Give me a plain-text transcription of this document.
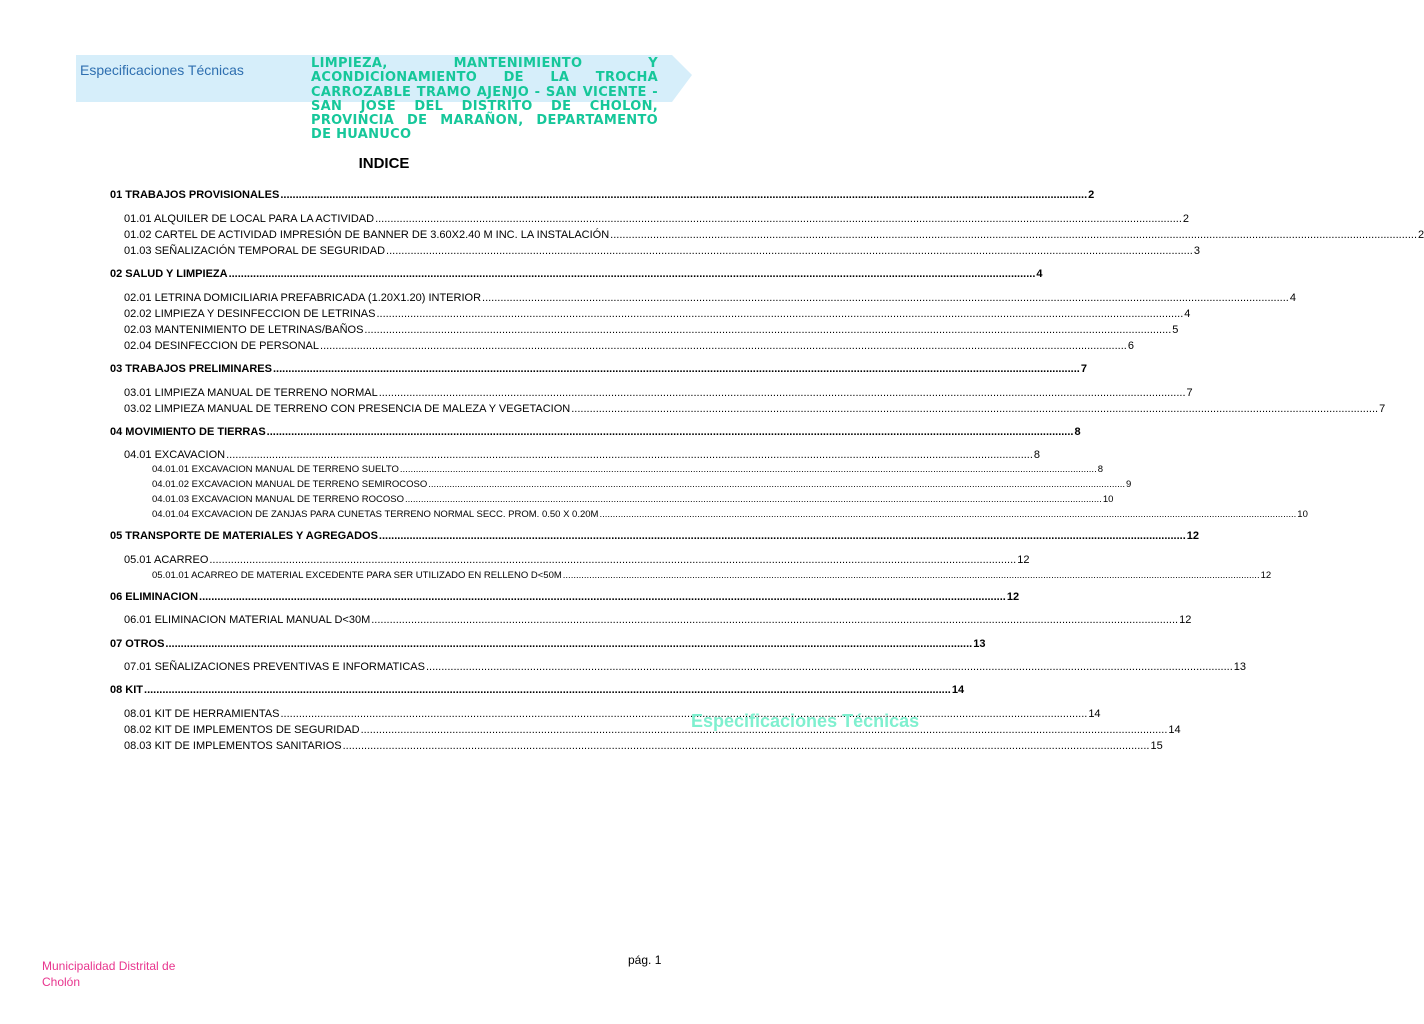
Especificaciones Técnicas	LIMPIEZA, MANTENIMIENTO Y ACONDICIONAMIENTO DE LA TROCHA CARROZABLE TRAMO AJENJO - SAN VICENTE - SAN JOSE DEL DISTRITO DE CHOLON, PROVINCIA DE MARAÑON, DEPARTAMENTO DE HUANUCO
INDICE
01 TRABAJOS PROVISIONALES .....	2
01.01 ALQUILER DE LOCAL PARA LA ACTIVIDAD .....	2
01.02 CARTEL DE ACTIVIDAD IMPRESIÓN DE BANNER DE 3.60X2.40 M INC. LA INSTALACIÓN .....	2
01.03 SEÑALIZACIÓN TEMPORAL DE SEGURIDAD .....	3
02 SALUD Y LIMPIEZA .....	4
02.01 LETRINA DOMICILIARIA PREFABRICADA (1.20X1.20) INTERIOR .....	4
02.02 LIMPIEZA Y DESINFECCION DE LETRINAS .....	4
02.03 MANTENIMIENTO DE LETRINAS/BAÑOS .....	5
02.04 DESINFECCION DE PERSONAL .....	6
03 TRABAJOS PRELIMINARES .....	7
03.01 LIMPIEZA MANUAL DE TERRENO NORMAL .....	7
03.02 LIMPIEZA MANUAL DE TERRENO CON PRESENCIA DE MALEZA Y VEGETACION .....	7
04 MOVIMIENTO DE TIERRAS .....	8
04.01 EXCAVACION .....	8
04.01.01 EXCAVACION MANUAL DE TERRENO SUELTO .....	8
04.01.02 EXCAVACION MANUAL DE TERRENO SEMIROCOSO .....	9
04.01.03 EXCAVACION MANUAL DE TERRENO ROCOSO .....	10
04.01.04 EXCAVACION DE ZANJAS PARA CUNETAS TERRENO NORMAL SECC. PROM. 0.50 X 0.20M .....	10
05 TRANSPORTE DE MATERIALES Y AGREGADOS .....	12
05.01 ACARREO .....	12
05.01.01 ACARREO DE MATERIAL EXCEDENTE PARA SER UTILIZADO EN RELLENO D<50M .....	12
06 ELIMINACION .....	12
06.01 ELIMINACION MATERIAL MANUAL D<30M .....	12
07 OTROS .....	13
07.01 SEÑALIZACIONES PREVENTIVAS E INFORMATICAS .....	13
08 KIT .....	14
08.01 KIT DE HERRAMIENTAS .....	14
08.02 KIT DE IMPLEMENTOS DE SEGURIDAD .....	14
08.03 KIT DE IMPLEMENTOS SANITARIOS .....	15
Especificaciones Técnicas
pág. 1
Municipalidad Distrital de Cholón
